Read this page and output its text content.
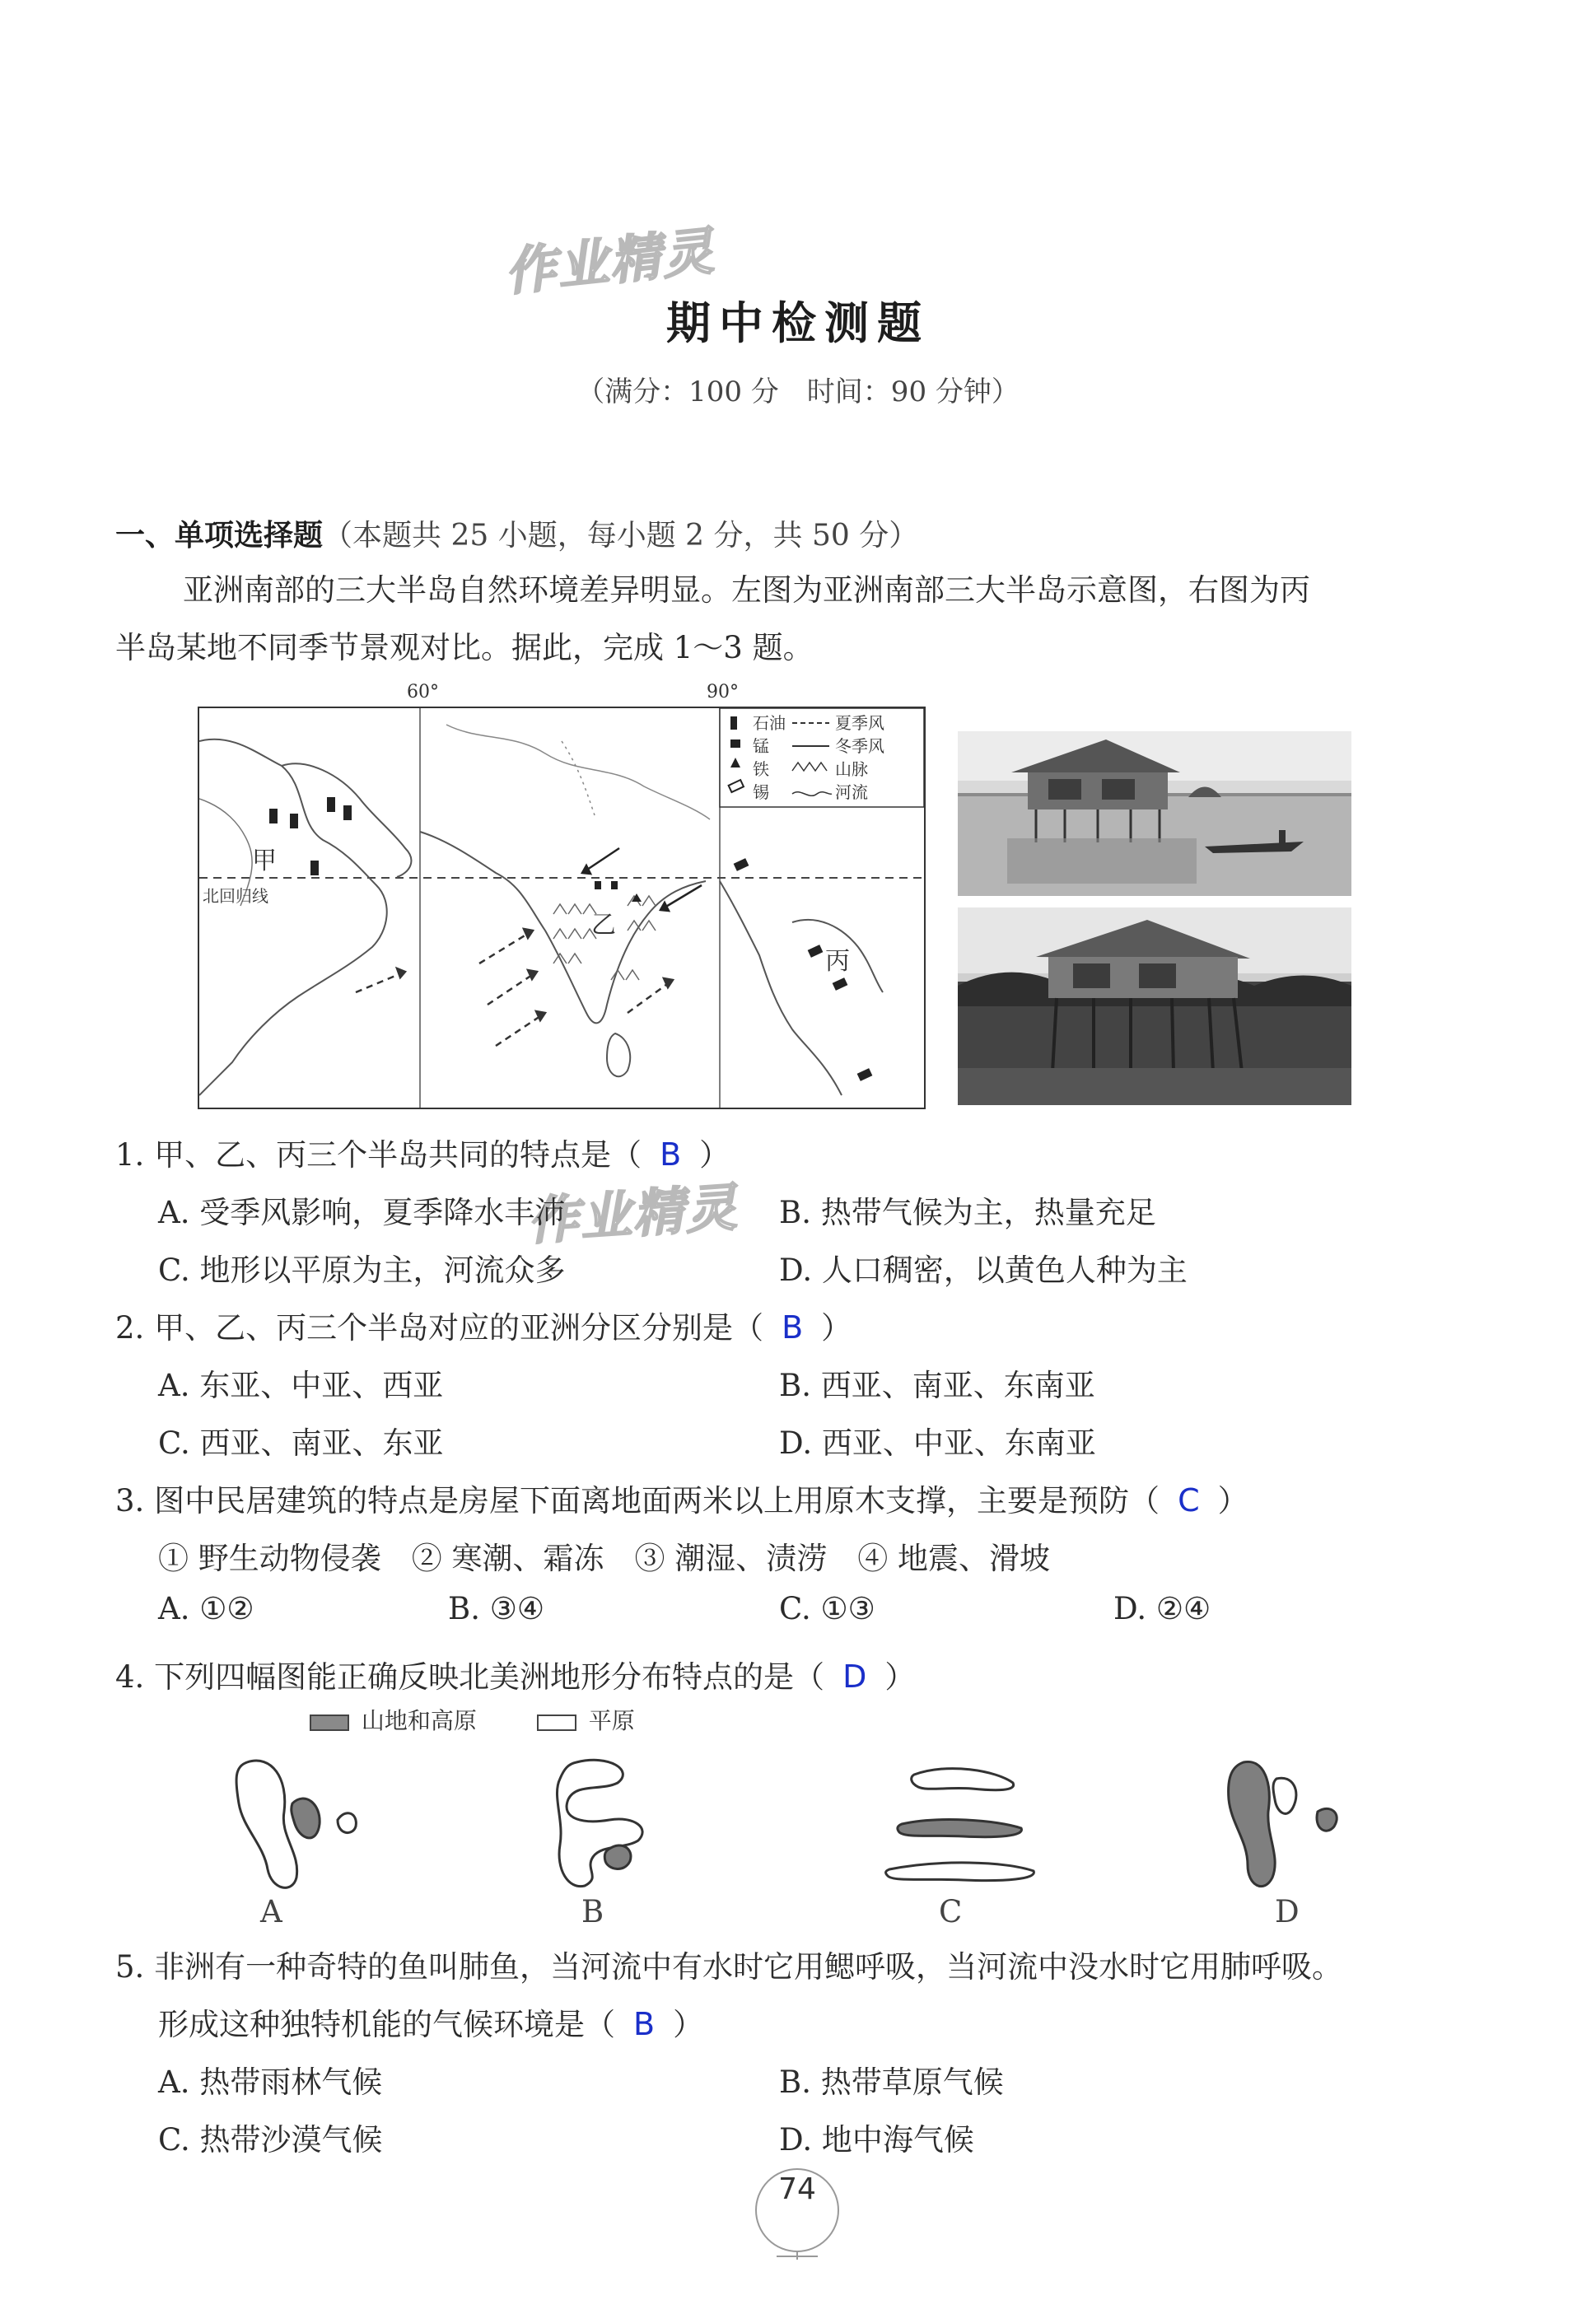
作业精灵
作业精灵
期中检测题
（满分：100 分　时间：90 分钟）
一、单项选择题（本题共 25 小题，每小题 2 分，共 50 分）
亚洲南部的三大半岛自然环境差异明显。左图为亚洲南部三大半岛示意图，右图为丙
半岛某地不同季节景观对比。据此，完成 1～3 题。
60°	90°
石油
锰
铁
锡
夏季风
冬季风
山脉
河流
甲
乙
丙
北回归线
1. 甲、乙、丙三个半岛共同的特点是（ B ）
A. 受季风影响，夏季降水丰沛	B. 热带气候为主，热量充足
C. 地形以平原为主，河流众多	D. 人口稠密，以黄色人种为主
2. 甲、乙、丙三个半岛对应的亚洲分区分别是（ B ）
A. 东亚、中亚、西亚	B. 西亚、南亚、东南亚
C. 西亚、南亚、东亚	D. 西亚、中亚、东南亚
3. 图中民居建筑的特点是房屋下面离地面两米以上用原木支撑，主要是预防（ C ）
① 野生动物侵袭　② 寒潮、霜冻　③ 潮湿、渍涝　④ 地震、滑坡
A. ①②	B. ③④	C. ①③	D. ②④
4. 下列四幅图能正确反映北美洲地形分布特点的是（ D ）
山地和高原	平原
A	B	C	D
5. 非洲有一种奇特的鱼叫肺鱼，当河流中有水时它用鳃呼吸，当河流中没水时它用肺呼吸。
形成这种独特机能的气候环境是（ B ）
A. 热带雨林气候	B. 热带草原气候
C. 热带沙漠气候	D. 地中海气候
74
